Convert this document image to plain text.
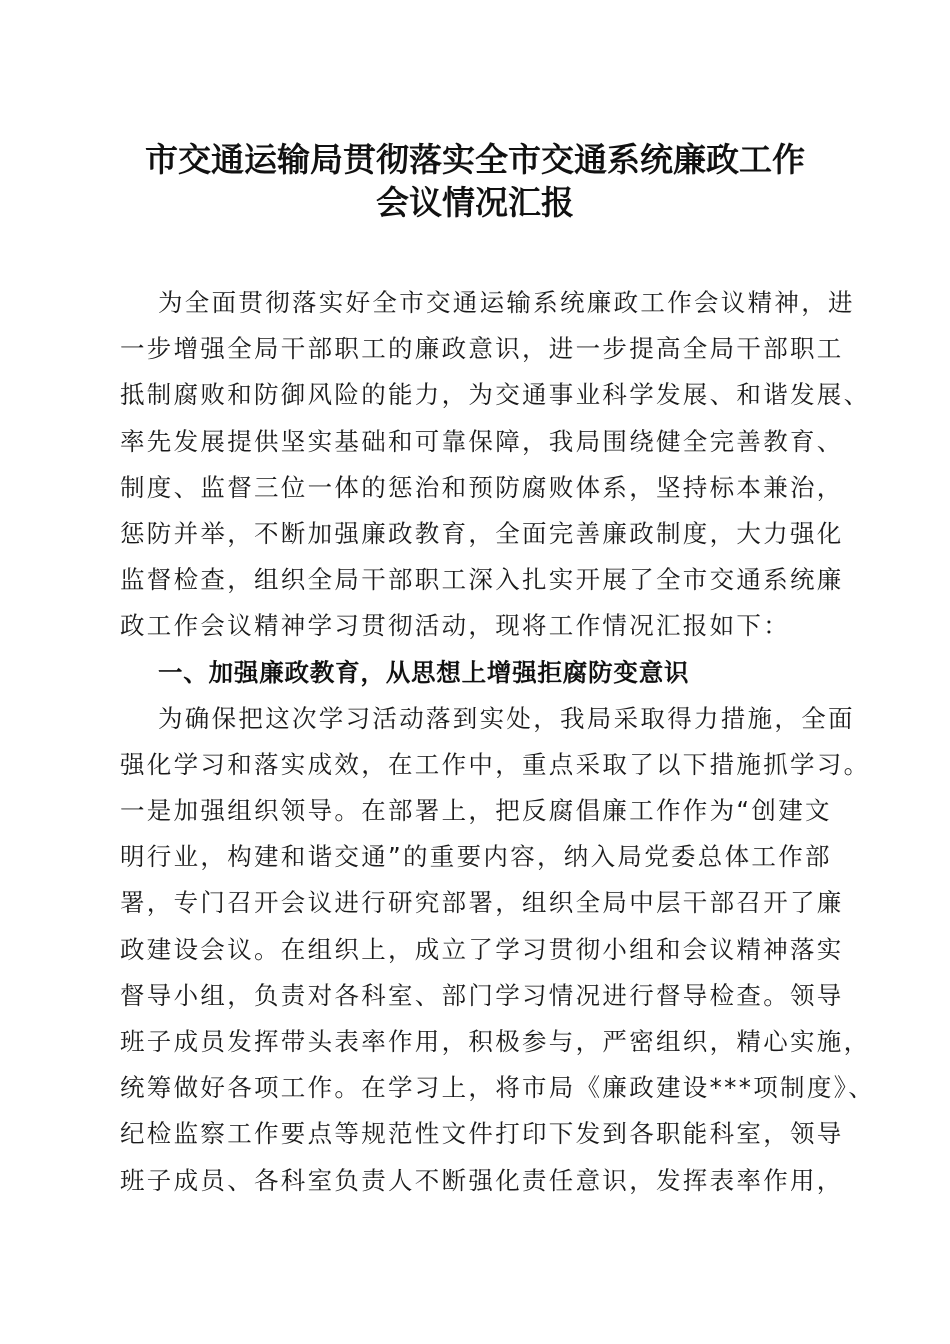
市交通运输局贯彻落实全市交通系统廉政工作
会议情况汇报
为全面贯彻落实好全市交通运输系统廉政工作会议精神，进
一步增强全局干部职工的廉政意识，进一步提高全局干部职工
抵制腐败和防御风险的能力，为交通事业科学发展、和谐发展、
率先发展提供坚实基础和可靠保障，我局围绕健全完善教育、
制度、监督三位一体的惩治和预防腐败体系，坚持标本兼治，
惩防并举，不断加强廉政教育，全面完善廉政制度，大力强化
监督检查，组织全局干部职工深入扎实开展了全市交通系统廉
政工作会议精神学习贯彻活动，现将工作情况汇报如下：
一、加强廉政教育，从思想上增强拒腐防变意识
为确保把这次学习活动落到实处，我局采取得力措施，全面
强化学习和落实成效，在工作中，重点采取了以下措施抓学习。
一是加强组织领导。在部署上，把反腐倡廉工作作为“创建文
明行业，构建和谐交通”的重要内容，纳入局党委总体工作部
署，专门召开会议进行研究部署，组织全局中层干部召开了廉
政建设会议。在组织上，成立了学习贯彻小组和会议精神落实
督导小组，负责对各科室、部门学习情况进行督导检查。领导
班子成员发挥带头表率作用，积极参与，严密组织，精心实施，
统筹做好各项工作。在学习上，将市局《廉政建设***项制度》、
纪检监察工作要点等规范性文件打印下发到各职能科室，领导
班子成员、各科室负责人不断强化责任意识，发挥表率作用，
